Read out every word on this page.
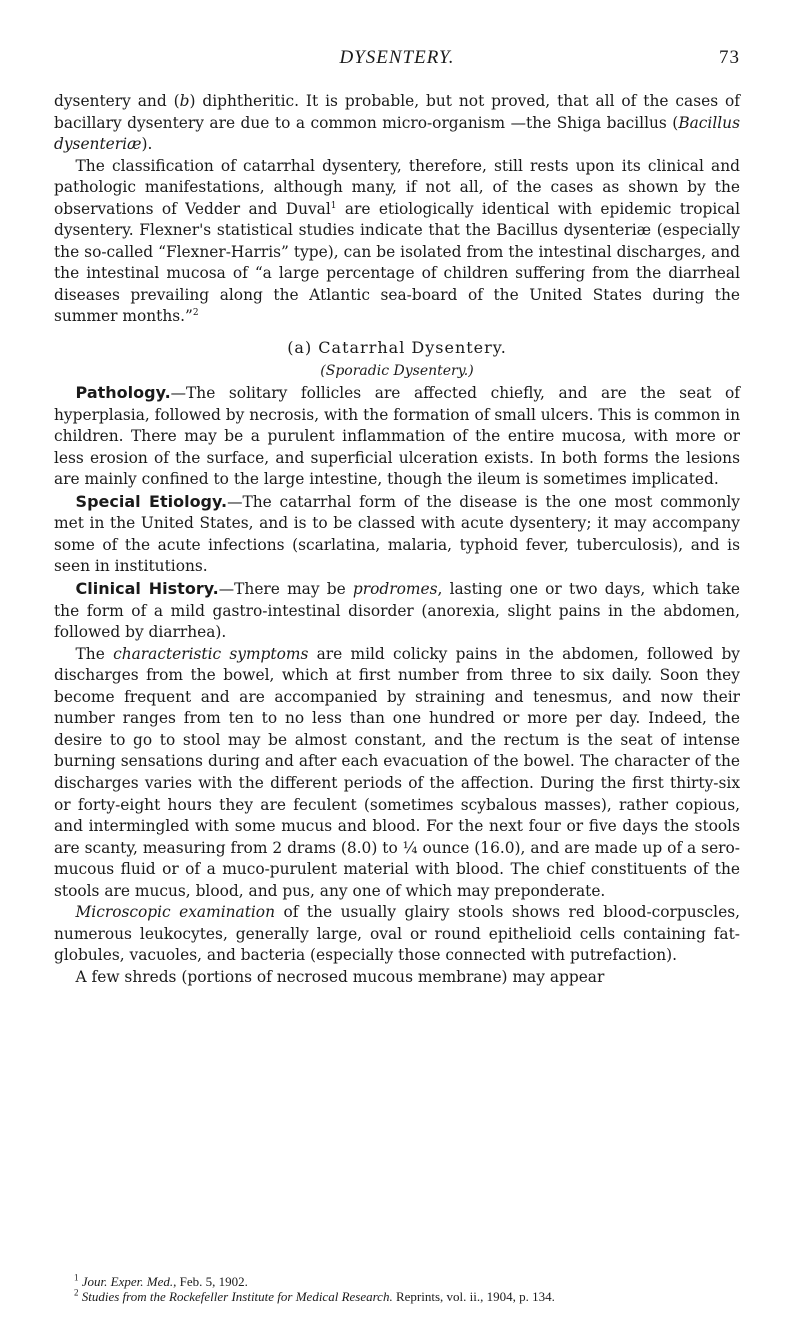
DYSENTERY.	73

dysentery and (b) diphtheritic. It is probable, but not proved, that all of the cases of bacillary dysentery are due to a common micro-organism —the Shiga bacillus (Bacillus dysenteriæ).

The classification of catarrhal dysentery, therefore, still rests upon its clinical and pathologic manifestations, although many, if not all, of the cases as shown by the observations of Vedder and Duval$^1$ are etiologically identical with epidemic tropical dysentery. Flexner's statistical studies indicate that the Bacillus dysenteriæ (especially the so-called “Flexner-Harris” type), can be isolated from the intestinal discharges, and the intestinal mucosa of “a large percentage of children suffering from the diarrheal diseases prevailing along the Atlantic sea-board of the United States during the summer months.”$^2$

(a) Catarrhal Dysentery.

(Sporadic Dysentery.)

Pathology.—The solitary follicles are affected chiefly, and are the seat of hyperplasia, followed by necrosis, with the formation of small ulcers. This is common in children. There may be a purulent inflammation of the entire mucosa, with more or less erosion of the surface, and superficial ulceration exists. In both forms the lesions are mainly confined to the large intestine, though the ileum is sometimes implicated.

Special Etiology.—The catarrhal form of the disease is the one most commonly met in the United States, and is to be classed with acute dysentery; it may accompany some of the acute infections (scarlatina, malaria, typhoid fever, tuberculosis), and is seen in institutions.

Clinical History.—There may be prodromes, lasting one or two days, which take the form of a mild gastro-intestinal disorder (anorexia, slight pains in the abdomen, followed by diarrhea).

The characteristic symptoms are mild colicky pains in the abdomen, followed by discharges from the bowel, which at first number from three to six daily. Soon they become frequent and are accompanied by straining and tenesmus, and now their number ranges from ten to no less than one hundred or more per day. Indeed, the desire to go to stool may be almost constant, and the rectum is the seat of intense burning sensations during and after each evacuation of the bowel. The character of the discharges varies with the different periods of the affection. During the first thirty-six or forty-eight hours they are feculent (sometimes scybalous masses), rather copious, and intermingled with some mucus and blood. For the next four or five days the stools are scanty, measuring from 2 drams (8.0) to ¼ ounce (16.0), and are made up of a sero-mucous fluid or of a muco-purulent material with blood. The chief constituents of the stools are mucus, blood, and pus, any one of which may preponderate.

Microscopic examination of the usually glairy stools shows red blood-corpuscles, numerous leukocytes, generally large, oval or round epithelioid cells containing fat-globules, vacuoles, and bacteria (especially those connected with putrefaction).

A few shreds (portions of necrosed mucous membrane) may appear

$^1$ Jour. Exper. Med., Feb. 5, 1902.

$^2$ Studies from the Rockefeller Institute for Medical Research. Reprints, vol. ii., 1904, p. 134.
